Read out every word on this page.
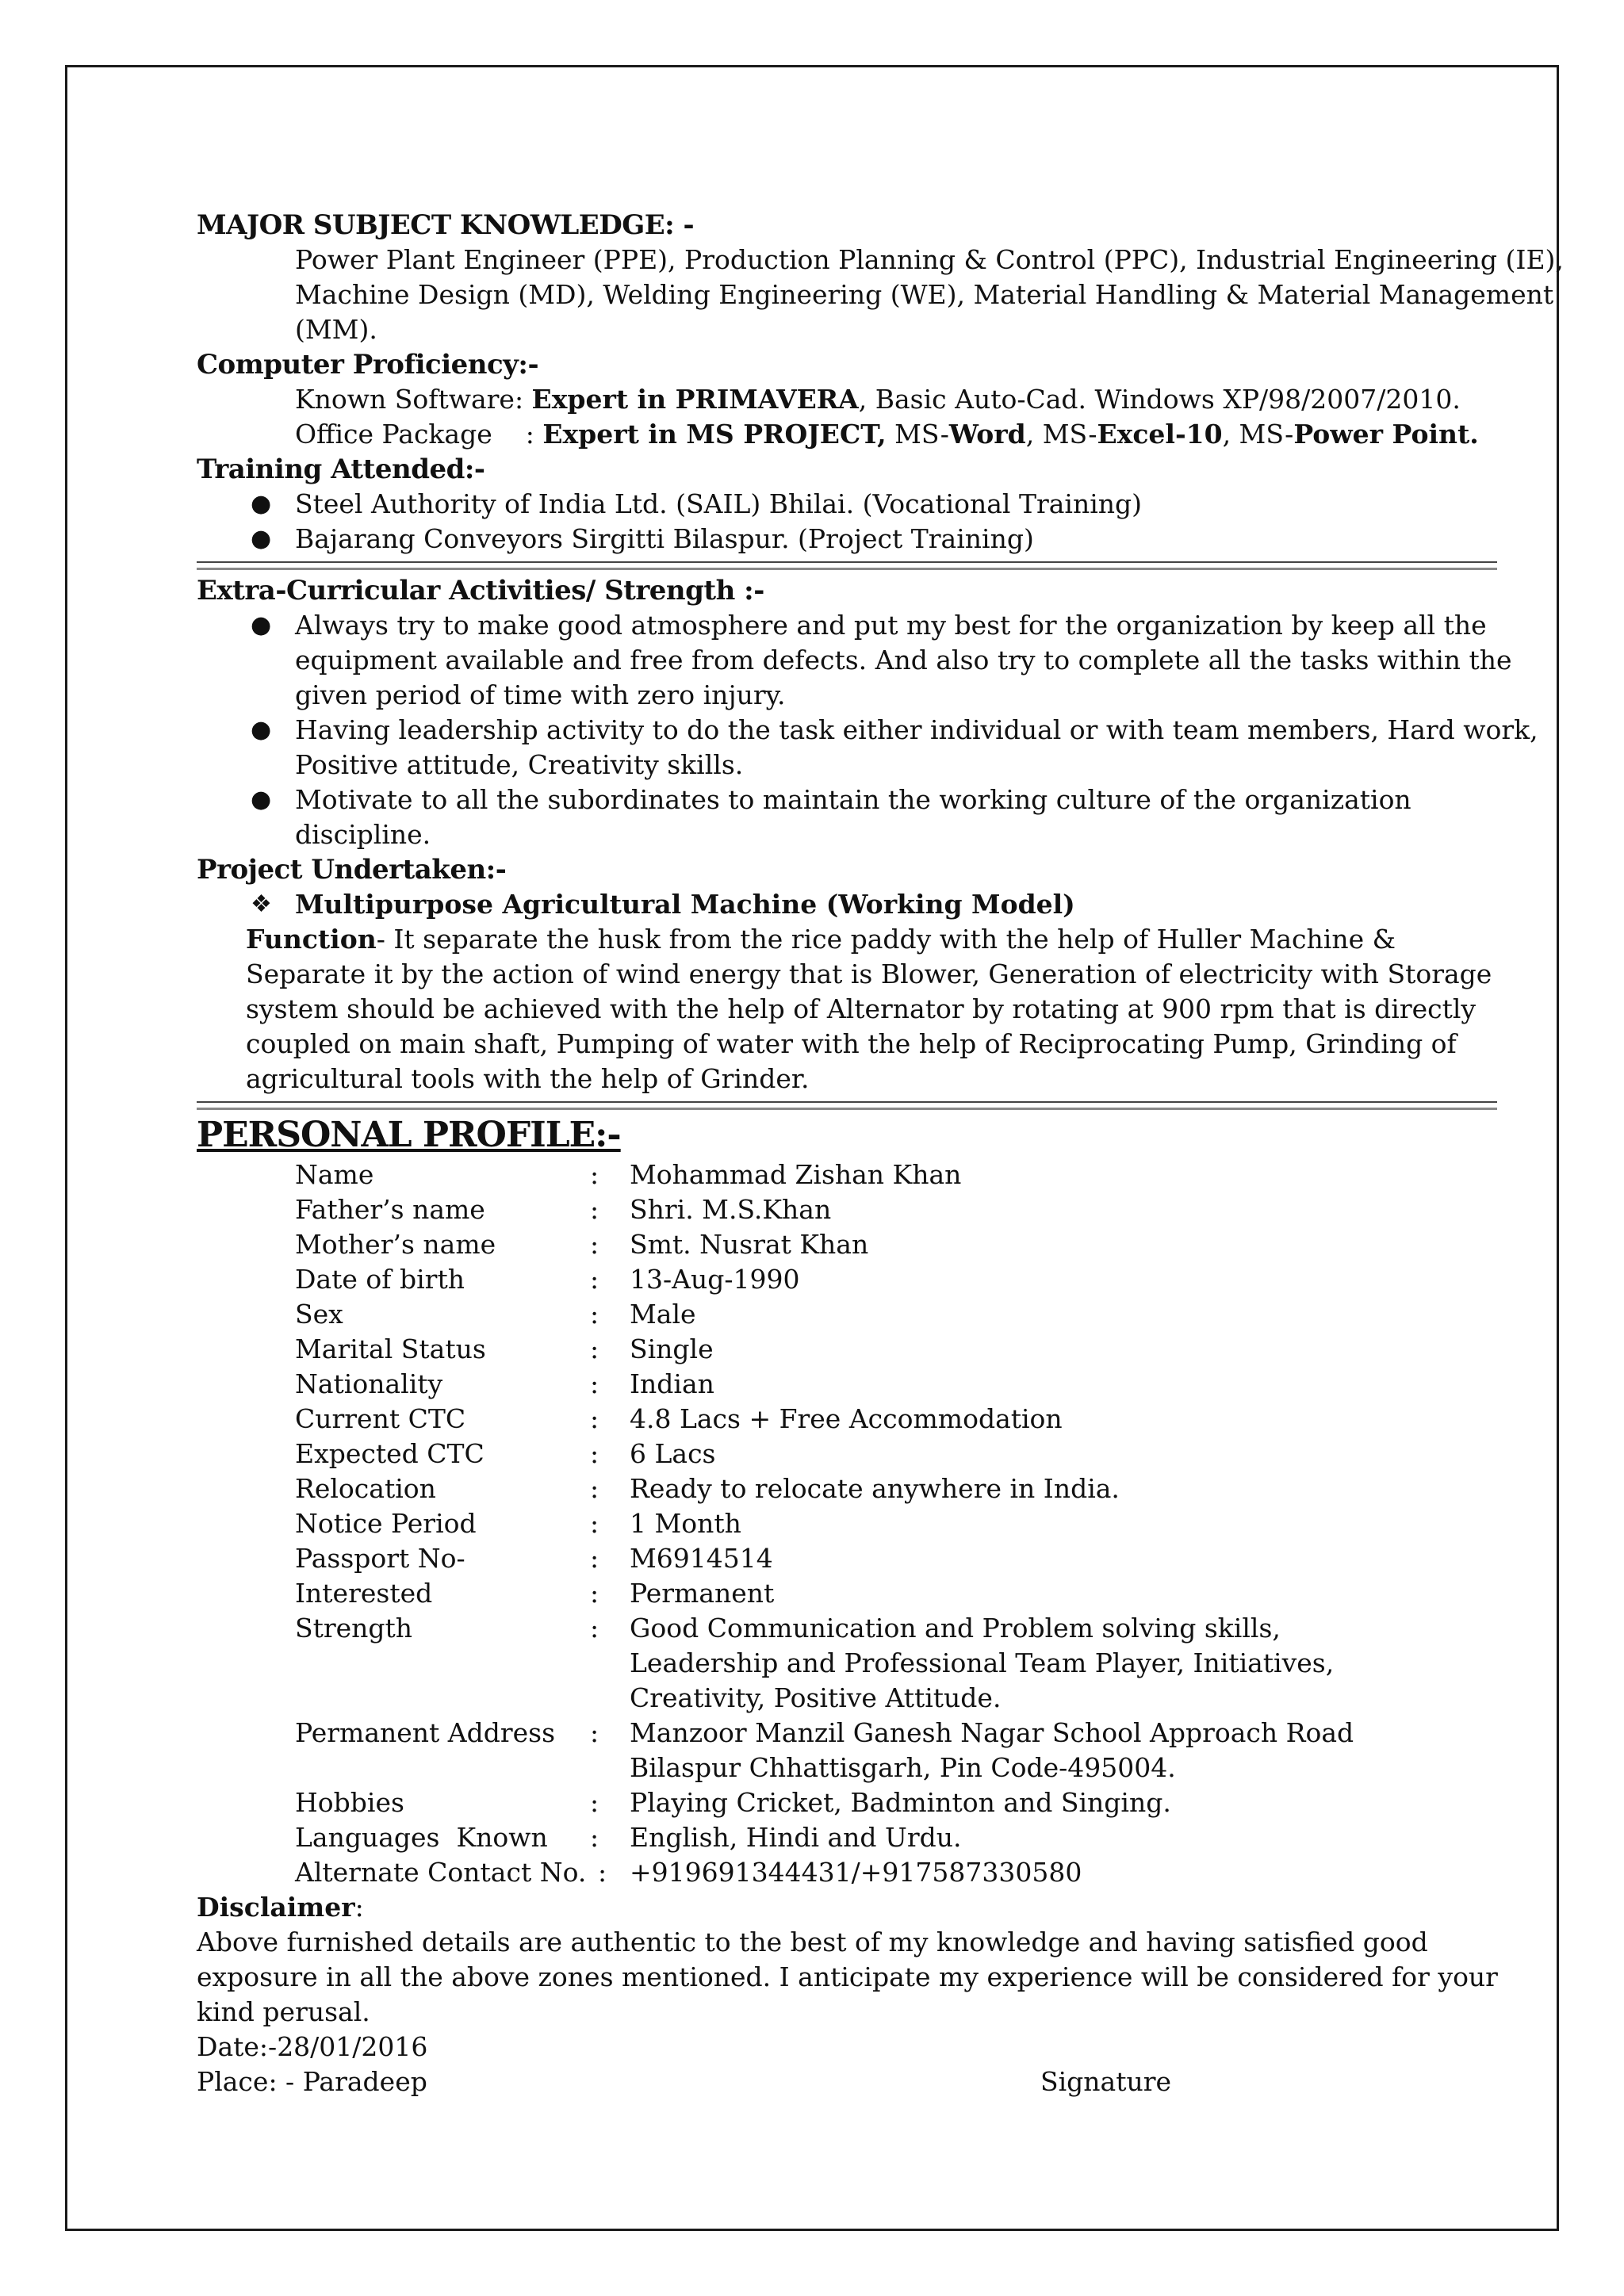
MAJOR SUBJECT KNOWLEDGE: -
Power Plant Engineer (PPE), Production Planning & Control (PPC), Industrial Engineering (IE),
Machine Design (MD), Welding Engineering (WE), Material Handling & Material Management
(MM).
Computer Proficiency:-
Known Software: Expert in PRIMAVERA, Basic Auto-Cad. Windows XP/98/2007/2010.
Office Package    : Expert in MS PROJECT, MS-Word, MS-Excel-10, MS-Power Point.
Training Attended:-
● Steel Authority of India Ltd. (SAIL) Bhilai. (Vocational Training)
● Bajarang Conveyors Sirgitti Bilaspur. (Project Training)
Extra-Curricular Activities/ Strength :-
● Always try to make good atmosphere and put my best for the organization by keep all the equipment available and free from defects. And also try to complete all the tasks within the given period of time with zero injury.
● Having leadership activity to do the task either individual or with team members, Hard work, Positive attitude, Creativity skills.
● Motivate to all the subordinates to maintain the working culture of the organization discipline.
Project Undertaken:-
❖ Multipurpose Agricultural Machine (Working Model)
Function- It separate the husk from the rice paddy with the help of Huller Machine & Separate it by the action of wind energy that is Blower, Generation of electricity with Storage system should be achieved with the help of Alternator by rotating at 900 rpm that is directly coupled on main shaft, Pumping of water with the help of Reciprocating Pump, Grinding of agricultural tools with the help of Grinder.
PERSONAL PROFILE:-
Name	: Mohammad Zishan Khan
Father’s name	: Shri. M.S.Khan
Mother’s name	: Smt. Nusrat Khan
Date of birth	: 13-Aug-1990
Sex	: Male
Marital Status	: Single
Nationality	: Indian
Current CTC	: 4.8 Lacs + Free Accommodation
Expected CTC	: 6 Lacs
Relocation	: Ready to relocate anywhere in India.
Notice Period	: 1 Month
Passport No-	: M6914514
Interested	: Permanent
Strength	: Good Communication and Problem solving skills,
Leadership and Professional Team Player, Initiatives,
Creativity, Positive Attitude.
Permanent Address : Manzoor Manzil Ganesh Nagar School Approach Road
Bilaspur Chhattisgarh, Pin Code-495004.
Hobbies	: Playing Cricket, Badminton and Singing.
Languages  Known : English, Hindi and Urdu.
Alternate Contact No. : +919691344431/+917587330580
Disclaimer:
Above furnished details are authentic to the best of my knowledge and having satisfied good exposure in all the above zones mentioned. I anticipate my experience will be considered for your kind perusal.
Date:-28/01/2016
Place: - Paradeep	Signature
